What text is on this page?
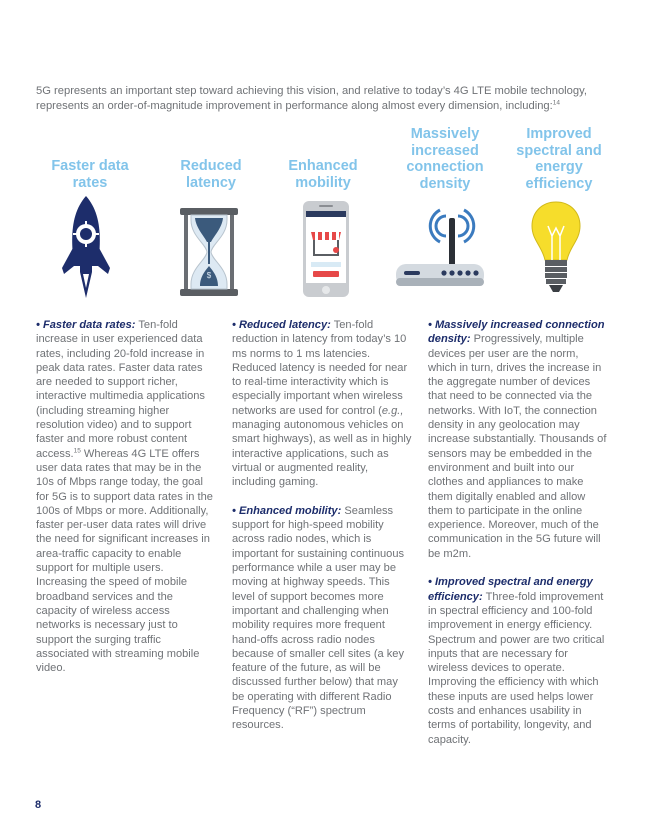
5G represents an important step toward achieving this vision, and relative to today’s 4G LTE mobile technology, represents an order-of-magnitude improvement in performance along almost every dimension, including:$^{14}$
Faster data rates
Reduced latency
Enhanced mobility
Massively increased connection density
Improved spectral and energy efficiency
$

• Faster data rates: Ten-fold increase in user experienced data rates, including 20-fold increase in peak data rates. Faster data rates are needed to support richer, interactive multimedia applications (including streaming higher resolution video) and to support faster and more robust content access.$^{15}$ Whereas 4G LTE offers user data rates that may be in the 10s of Mbps range today, the goal for 5G is to support data rates in the 100s of Mbps or more. Additionally, faster per-user data rates will drive the need for significant increases in area-traffic capacity to enable support for multiple users. Increasing the speed of mobile broadband services and the capacity of wireless access networks is necessary just to support the surging traffic associated with streaming mobile video.

• Reduced latency: Ten-fold reduction in latency from today’s 10 ms norms to 1 ms latencies. Reduced latency is needed for near to real-time interactivity which is especially important when wireless networks are used for control (e.g., managing autonomous vehicles on smart highways), as well as in highly interactive applications, such as virtual or augmented reality, including gaming.

• Enhanced mobility: Seamless support for high-speed mobility across radio nodes, which is important for sustaining continuous performance while a user may be moving at highway speeds. This level of support becomes more important and challenging when mobility requires more frequent hand-offs across radio nodes because of smaller cell sites (a key feature of the future, as will be discussed further below) that may be operating with different Radio Frequency (“RF”) spectrum resources.

• Massively increased connection density: Progressively, multiple devices per user are the norm, which in turn, drives the increase in the aggregate number of devices that need to be connected via the networks. With IoT, the connection density in any geolocation may increase substantially. Thousands of sensors may be embedded in the environment and built into our clothes and appliances to make them digitally enabled and allow them to participate in the online experience. Moreover, much of the communication in the 5G future will be m2m.

• Improved spectral and energy efficiency: Three-fold improvement in spectral efficiency and 100-fold improvement in energy efficiency. Spectrum and power are two critical inputs that are necessary for wireless devices to operate. Improving the efficiency with which these inputs are used helps lower costs and enhances usability in terms of portability, longevity, and capacity.

8
